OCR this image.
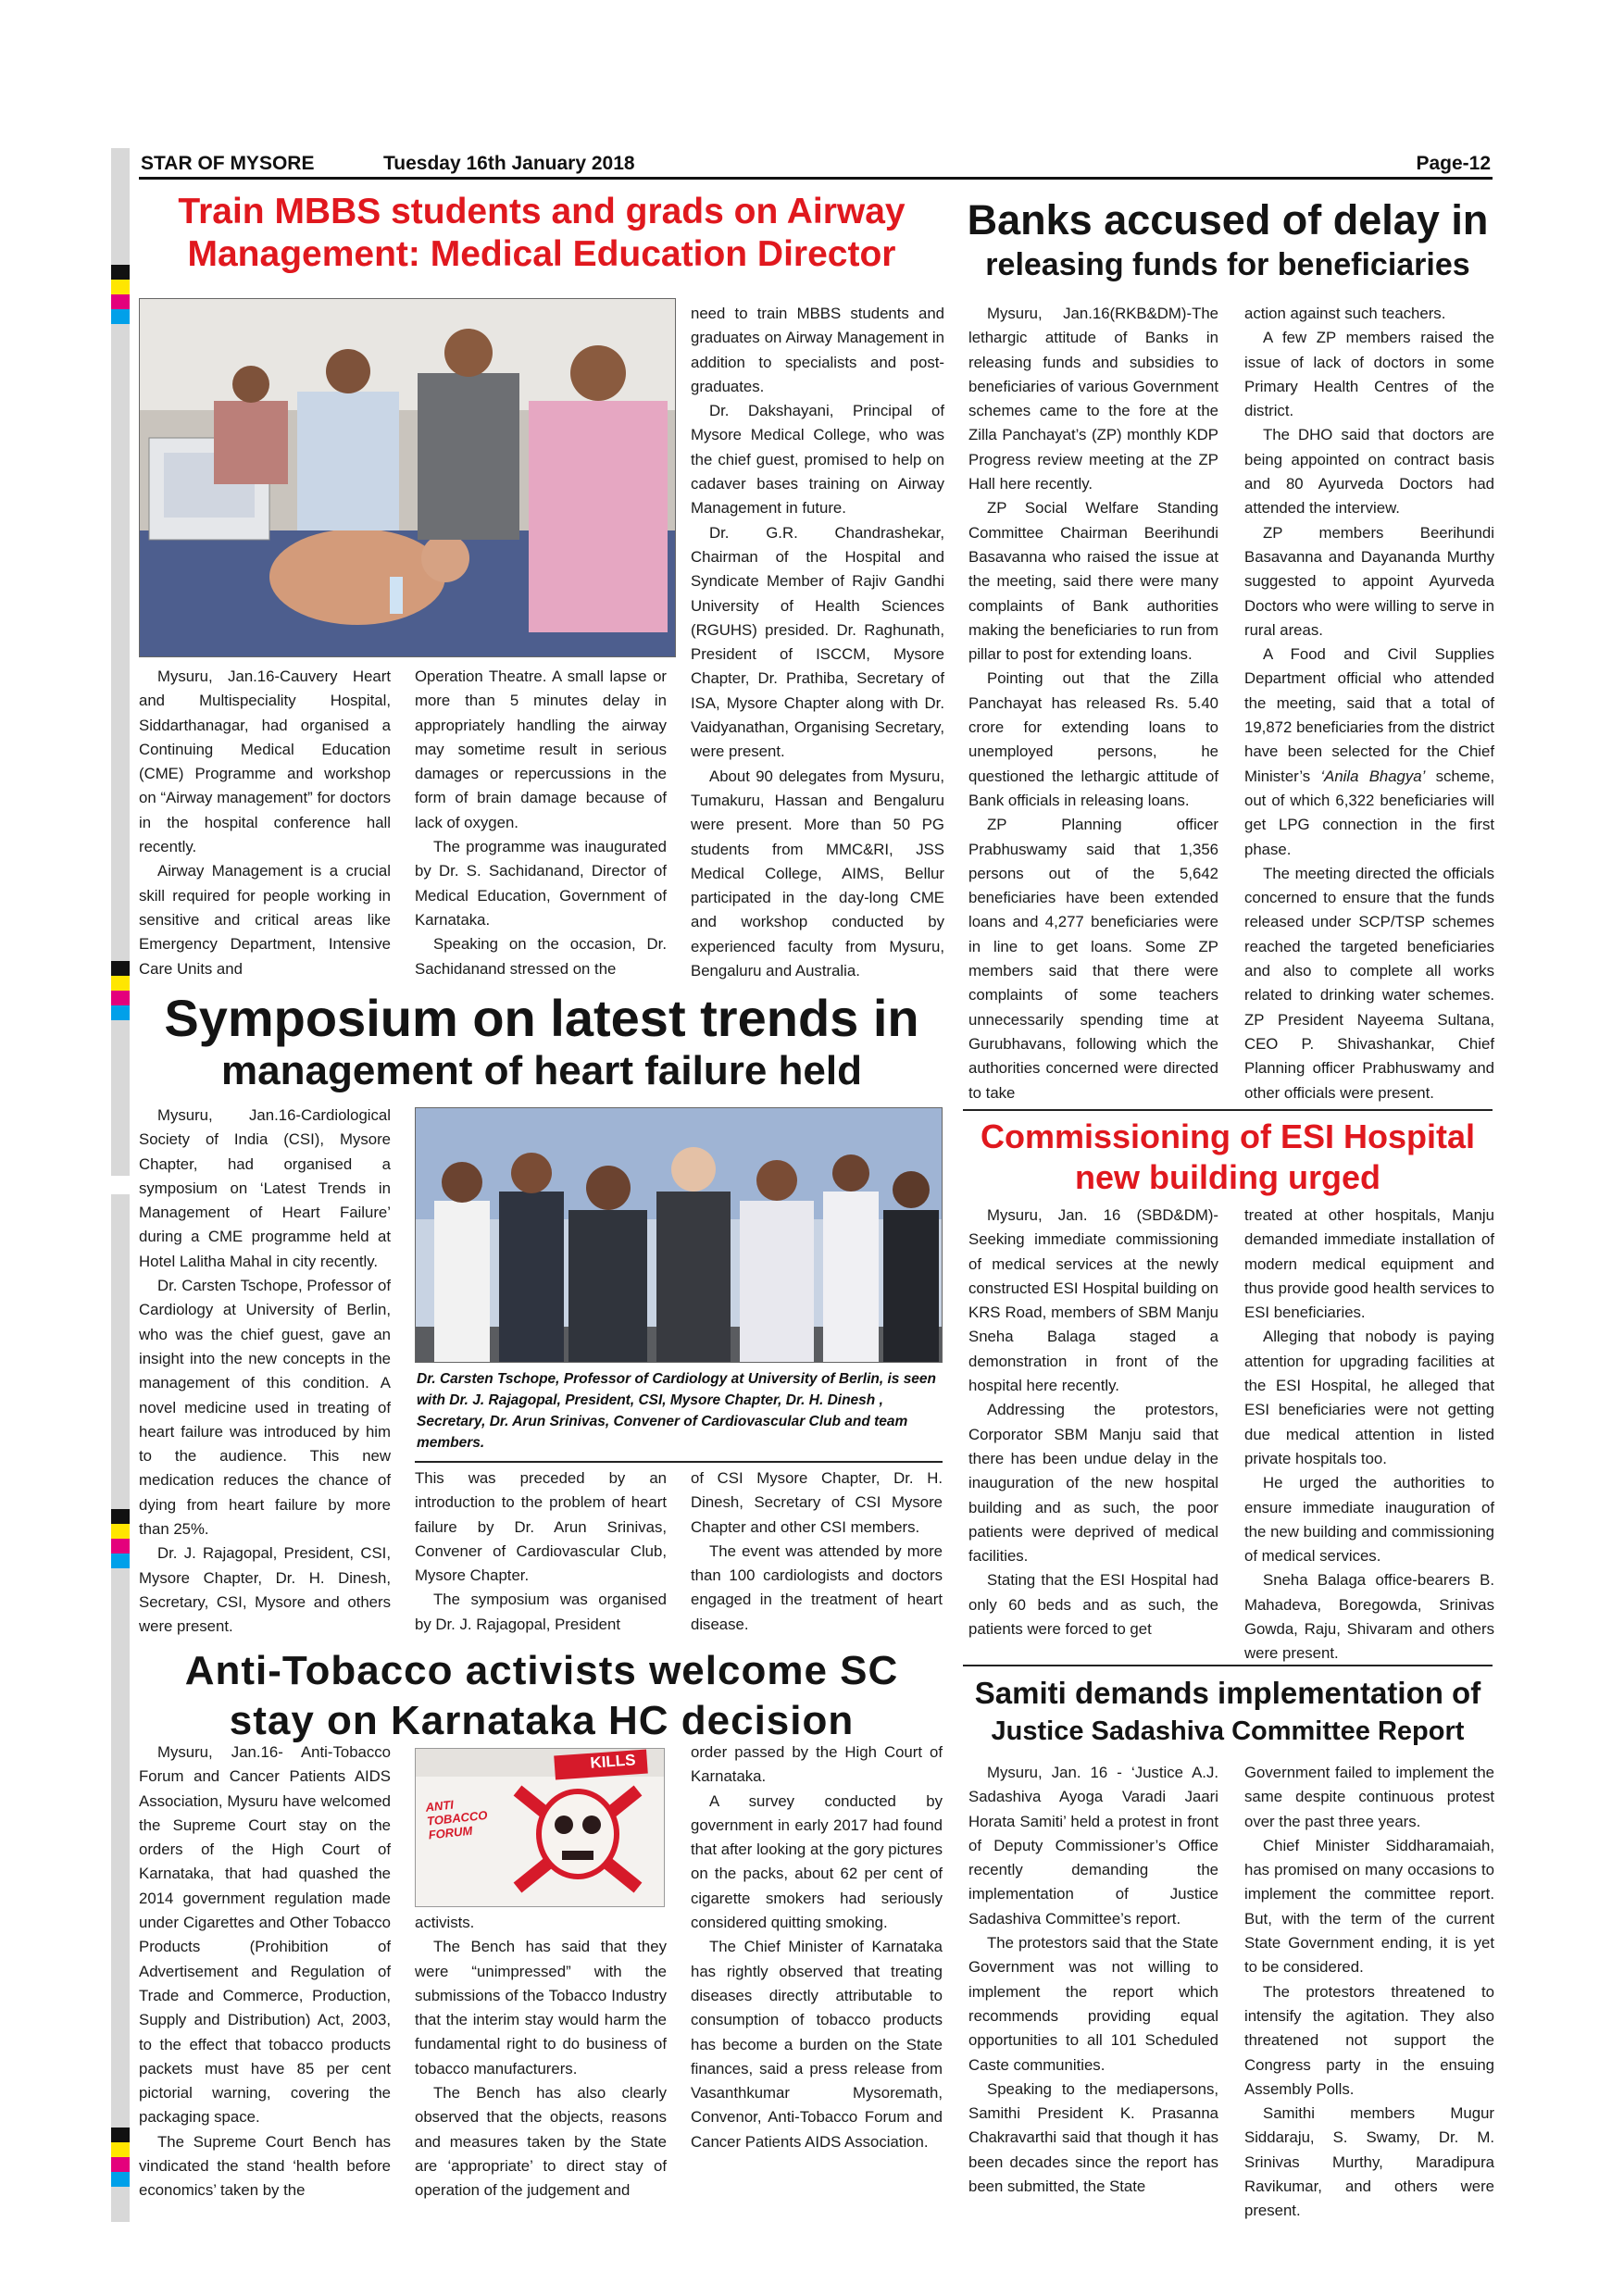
STAR OF MYSORE	Tuesday 16th January 2018	Page-12
Train MBBS students and grads on Airway
Management: Medical Education Director

Mysuru, Jan.16-Cauvery Heart and Multispeciality Hospital, Siddarthanagar, had organised a Continuing Medical Education (CME) Programme and workshop on “Airway management” for doctors in the hospital conference hall recently.

Airway Management is a crucial skill required for people working in sensitive and critical areas like Emergency Department, Intensive Care Units and

Operation Theatre. A small lapse or more than 5 minutes delay in appropriately handling the airway may sometime result in serious damages or repercussions in the form of brain damage because of lack of oxygen.

The programme was inaugurated by Dr. S. Sachidanand, Director of Medical Education, Government of Karnataka.

Speaking on the occasion, Dr. Sachidanand stressed on the

need to train MBBS students and graduates on Airway Management in addition to specialists and post-graduates.

Dr. Dakshayani, Principal of Mysore Medical College, who was the chief guest, promised to help on cadaver bases training on Airway Management in future.

Dr. G.R. Chandrashekar, Chairman of the Hospital and Syndicate Member of Rajiv Gandhi University of Health Sciences (RGUHS) presided. Dr. Raghunath, President of ISCCM, Mysore Chapter, Dr. Prathiba, Secretary of ISA, Mysore Chapter along with Dr. Vaidyanathan, Organising Secretary, were present.

About 90 delegates from Mysuru, Tumakuru, Hassan and Bengaluru were present. More than 50 PG students from MMC&RI, JSS Medical College, AIMS, Bellur participated in the day-long CME and workshop conducted by experienced faculty from Mysuru, Bengaluru and Australia.

Banks accused of delay in
releasing funds for beneficiaries

Mysuru, Jan.16(RKB&DM)-The lethargic attitude of Banks in releasing funds and subsidies to beneficiaries of various Government schemes came to the fore at the Zilla Panchayat’s (ZP) monthly KDP Progress review meeting at the ZP Hall here recently.

ZP Social Welfare Standing Committee Chairman Beerihundi Basavanna who raised the issue at the meeting, said there were many complaints of Bank authorities making the beneficiaries to run from pillar to post for extending loans.

Pointing out that the Zilla Panchayat has released Rs. 5.40 crore for extending loans to unemployed persons, he questioned the lethargic attitude of Bank officials in releasing loans.

ZP Planning officer Prabhuswamy said that 1,356 persons out of the 5,642 beneficiaries have been extended loans and 4,277 beneficiaries were in line to get loans. Some ZP members said that there were complaints of some teachers unnecessarily spending time at Gurubhavans, following which the authorities concerned were directed to take

action against such teachers.

A few ZP members raised the issue of lack of doctors in some Primary Health Centres of the district.

The DHO said that doctors are being appointed on contract basis and 80 Ayurveda Doctors had attended the interview.

ZP members Beerihundi Basavanna and Dayananda Murthy suggested to appoint Ayurveda Doctors who were willing to serve in rural areas.

A Food and Civil Supplies Department official who attended the meeting, said that a total of 19,872 beneficiaries from the district have been selected for the Chief Minister’s ‘Anila Bhagya’ scheme, out of which 6,322 beneficiaries will get LPG connection in the first phase.

The meeting directed the officials concerned to ensure that the funds released under SCP/TSP schemes reached the targeted beneficiaries and also to complete all works related to drinking water schemes. ZP President Nayeema Sultana, CEO P. Shivashankar, Chief Planning officer Prabhuswamy and other officials were present.

Symposium on latest trends in
management of heart failure held

Mysuru, Jan.16-Cardiological Society of India (CSI), Mysore Chapter, had organised a symposium on ‘Latest Trends in Management of Heart Failure’ during a CME programme held at Hotel Lalitha Mahal in city recently.

Dr. Carsten Tschope, Professor of Cardiology at University of Berlin, who was the chief guest, gave an insight into the new concepts in the management of this condition. A novel medicine used in treating of heart failure was introduced by him to the audience. This new medication reduces the chance of dying from heart failure by more than 25%.

Dr. J. Rajagopal, President, CSI, Mysore Chapter, Dr. H. Dinesh, Secretary, CSI, Mysore and others were present.

Dr. Carsten Tschope, Professor of Cardiology at University of Berlin, is seen with Dr. J. Rajagopal, President, CSI, Mysore Chapter, Dr. H. Dinesh , Secretary, Dr. Arun Srinivas, Convener of Cardiovascular Club and team members.

This was preceded by an introduction to the problem of heart failure by Dr. Arun Srinivas, Convener of Cardiovascular Club, Mysore Chapter.

The symposium was organised by Dr. J. Rajagopal, President

of CSI Mysore Chapter, Dr. H. Dinesh, Secretary of CSI Mysore Chapter and other CSI members.

The event was attended by more than 100 cardiologists and doctors engaged in the treatment of heart disease.

Commissioning of ESI Hospital
new building urged

Mysuru, Jan. 16 (SBD&DM)-Seeking immediate commissioning of medical services at the newly constructed ESI Hospital building on KRS Road, members of SBM Manju Sneha Balaga staged a demonstration in front of the hospital here recently.

Addressing the protestors, Corporator SBM Manju said that there has been undue delay in the inauguration of the new hospital building and as such, the poor patients were deprived of medical facilities.

Stating that the ESI Hospital had only 60 beds and as such, the patients were forced to get

treated at other hospitals, Manju demanded immediate installation of modern medical equipment and thus provide good health services to ESI beneficiaries.

Alleging that nobody is paying attention for upgrading facilities at the ESI Hospital, he alleged that ESI beneficiaries were not getting due medical attention in listed private hospitals too.

He urged the authorities to ensure immediate inauguration of the new building and commissioning of medical services.

Sneha Balaga office-bearers B. Mahadeva, Boregowda, Srinivas Gowda, Raju, Shivaram and others were present.

Anti-Tobacco activists welcome SC
stay on Karnataka HC decision

Mysuru, Jan.16- Anti-Tobacco Forum and Cancer Patients AIDS Association, Mysuru have welcomed the Supreme Court stay on the orders of the High Court of Karnataka, that had quashed the 2014 government regulation made under Cigarettes and Other Tobacco Products (Prohibition of Advertisement and Regulation of Trade and Commerce, Production, Supply and Distribution) Act, 2003, to the effect that tobacco products packets must have 85 per cent pictorial warning, covering the packaging space.

The Supreme Court Bench has vindicated the stand ‘health before economics’ taken by the

KILLS
ANTI TOBACCO FORUM

activists.

The Bench has said that they were “unimpressed” with the submissions of the Tobacco Industry that the interim stay would harm the fundamental right to do business of tobacco manufacturers.

The Bench has also clearly observed that the objects, reasons and measures taken by the State are ‘appropriate’ to direct stay of operation of the judgement and

order passed by the High Court of Karnataka.

A survey conducted by government in early 2017 had found that after looking at the gory pictures on the packs, about 62 per cent of cigarette smokers had seriously considered quitting smoking.

The Chief Minister of Karnataka has rightly observed that treating diseases directly attributable to consumption of tobacco products has become a burden on the State finances, said a press release from Vasanthkumar Mysoremath, Convenor, Anti-Tobacco Forum and Cancer Patients AIDS Association.

Samiti demands implementation of
Justice Sadashiva Committee Report

Mysuru, Jan. 16 - ‘Justice A.J. Sadashiva Ayoga Varadi Jaari Horata Samiti’ held a protest in front of Deputy Commissioner’s Office recently demanding the implementation of Justice Sadashiva Committee’s report.

The protestors said that the State Government was not willing to implement the report which recommends providing equal opportunities to all 101 Scheduled Caste communities.

Speaking to the mediapersons, Samithi President K. Prasanna Chakravarthi said that though it has been decades since the report has been submitted, the State

Government failed to implement the same despite continuous protest over the past three years.

Chief Minister Siddharamaiah, has promised on many occasions to implement the committee report. But, with the term of the current State Government ending, it is yet to be considered.

The protestors threatened to intensify the agitation. They also threatened not support the Congress party in the ensuing Assembly Polls.

Samithi members Mugur Siddaraju, S. Swamy, Dr. M. Srinivas Murthy, Maradipura Ravikumar, and others were present.
